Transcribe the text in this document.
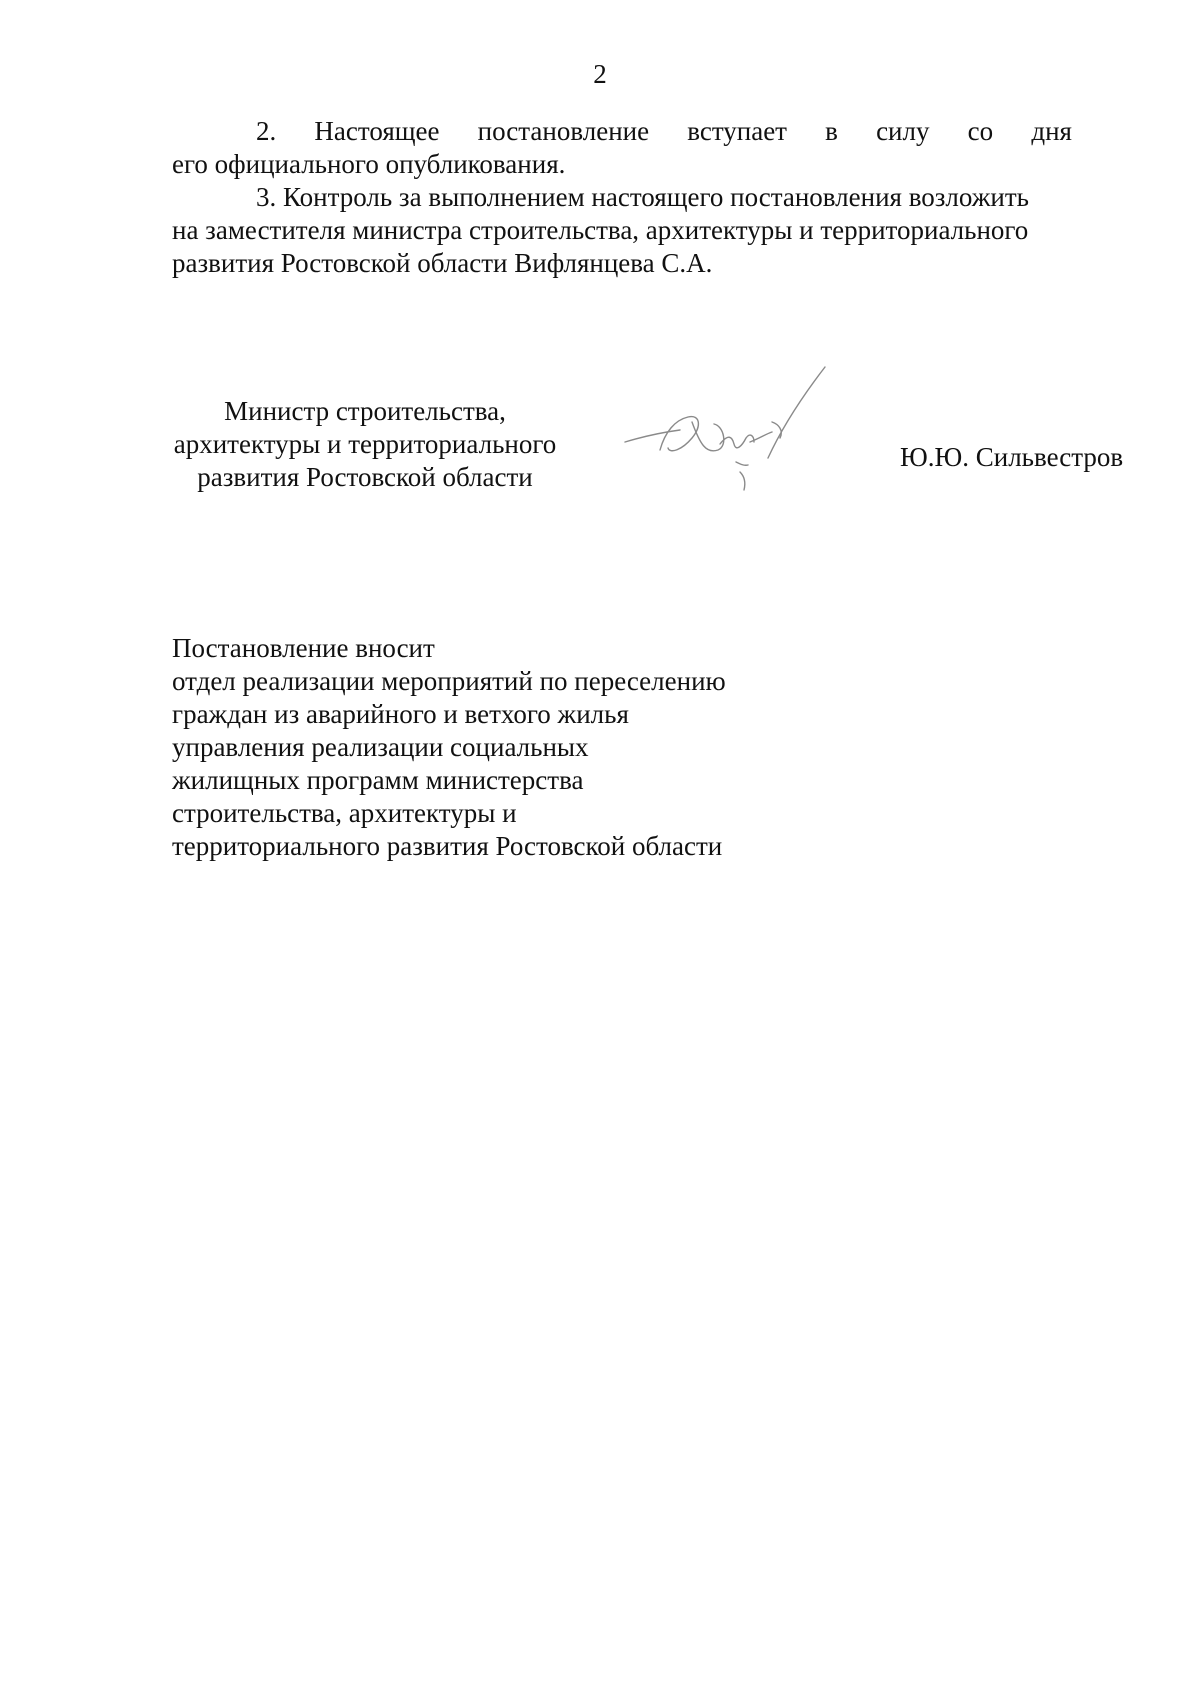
2
2. Настоящее постановление вступает в силу со дня
его официального опубликования.
3. Контроль за выполнением настоящего постановления возложить
на заместителя министра строительства, архитектуры и территориального
развития Ростовской области Вифлянцева С.А.
Министр строительства,
архитектуры и территориального
развития Ростовской области
Ю.Ю. Сильвестров
Постановление вносит
отдел реализации мероприятий по переселению
граждан из аварийного и ветхого жилья
управления реализации социальных
жилищных программ министерства
строительства, архитектуры и
территориального развития Ростовской области
